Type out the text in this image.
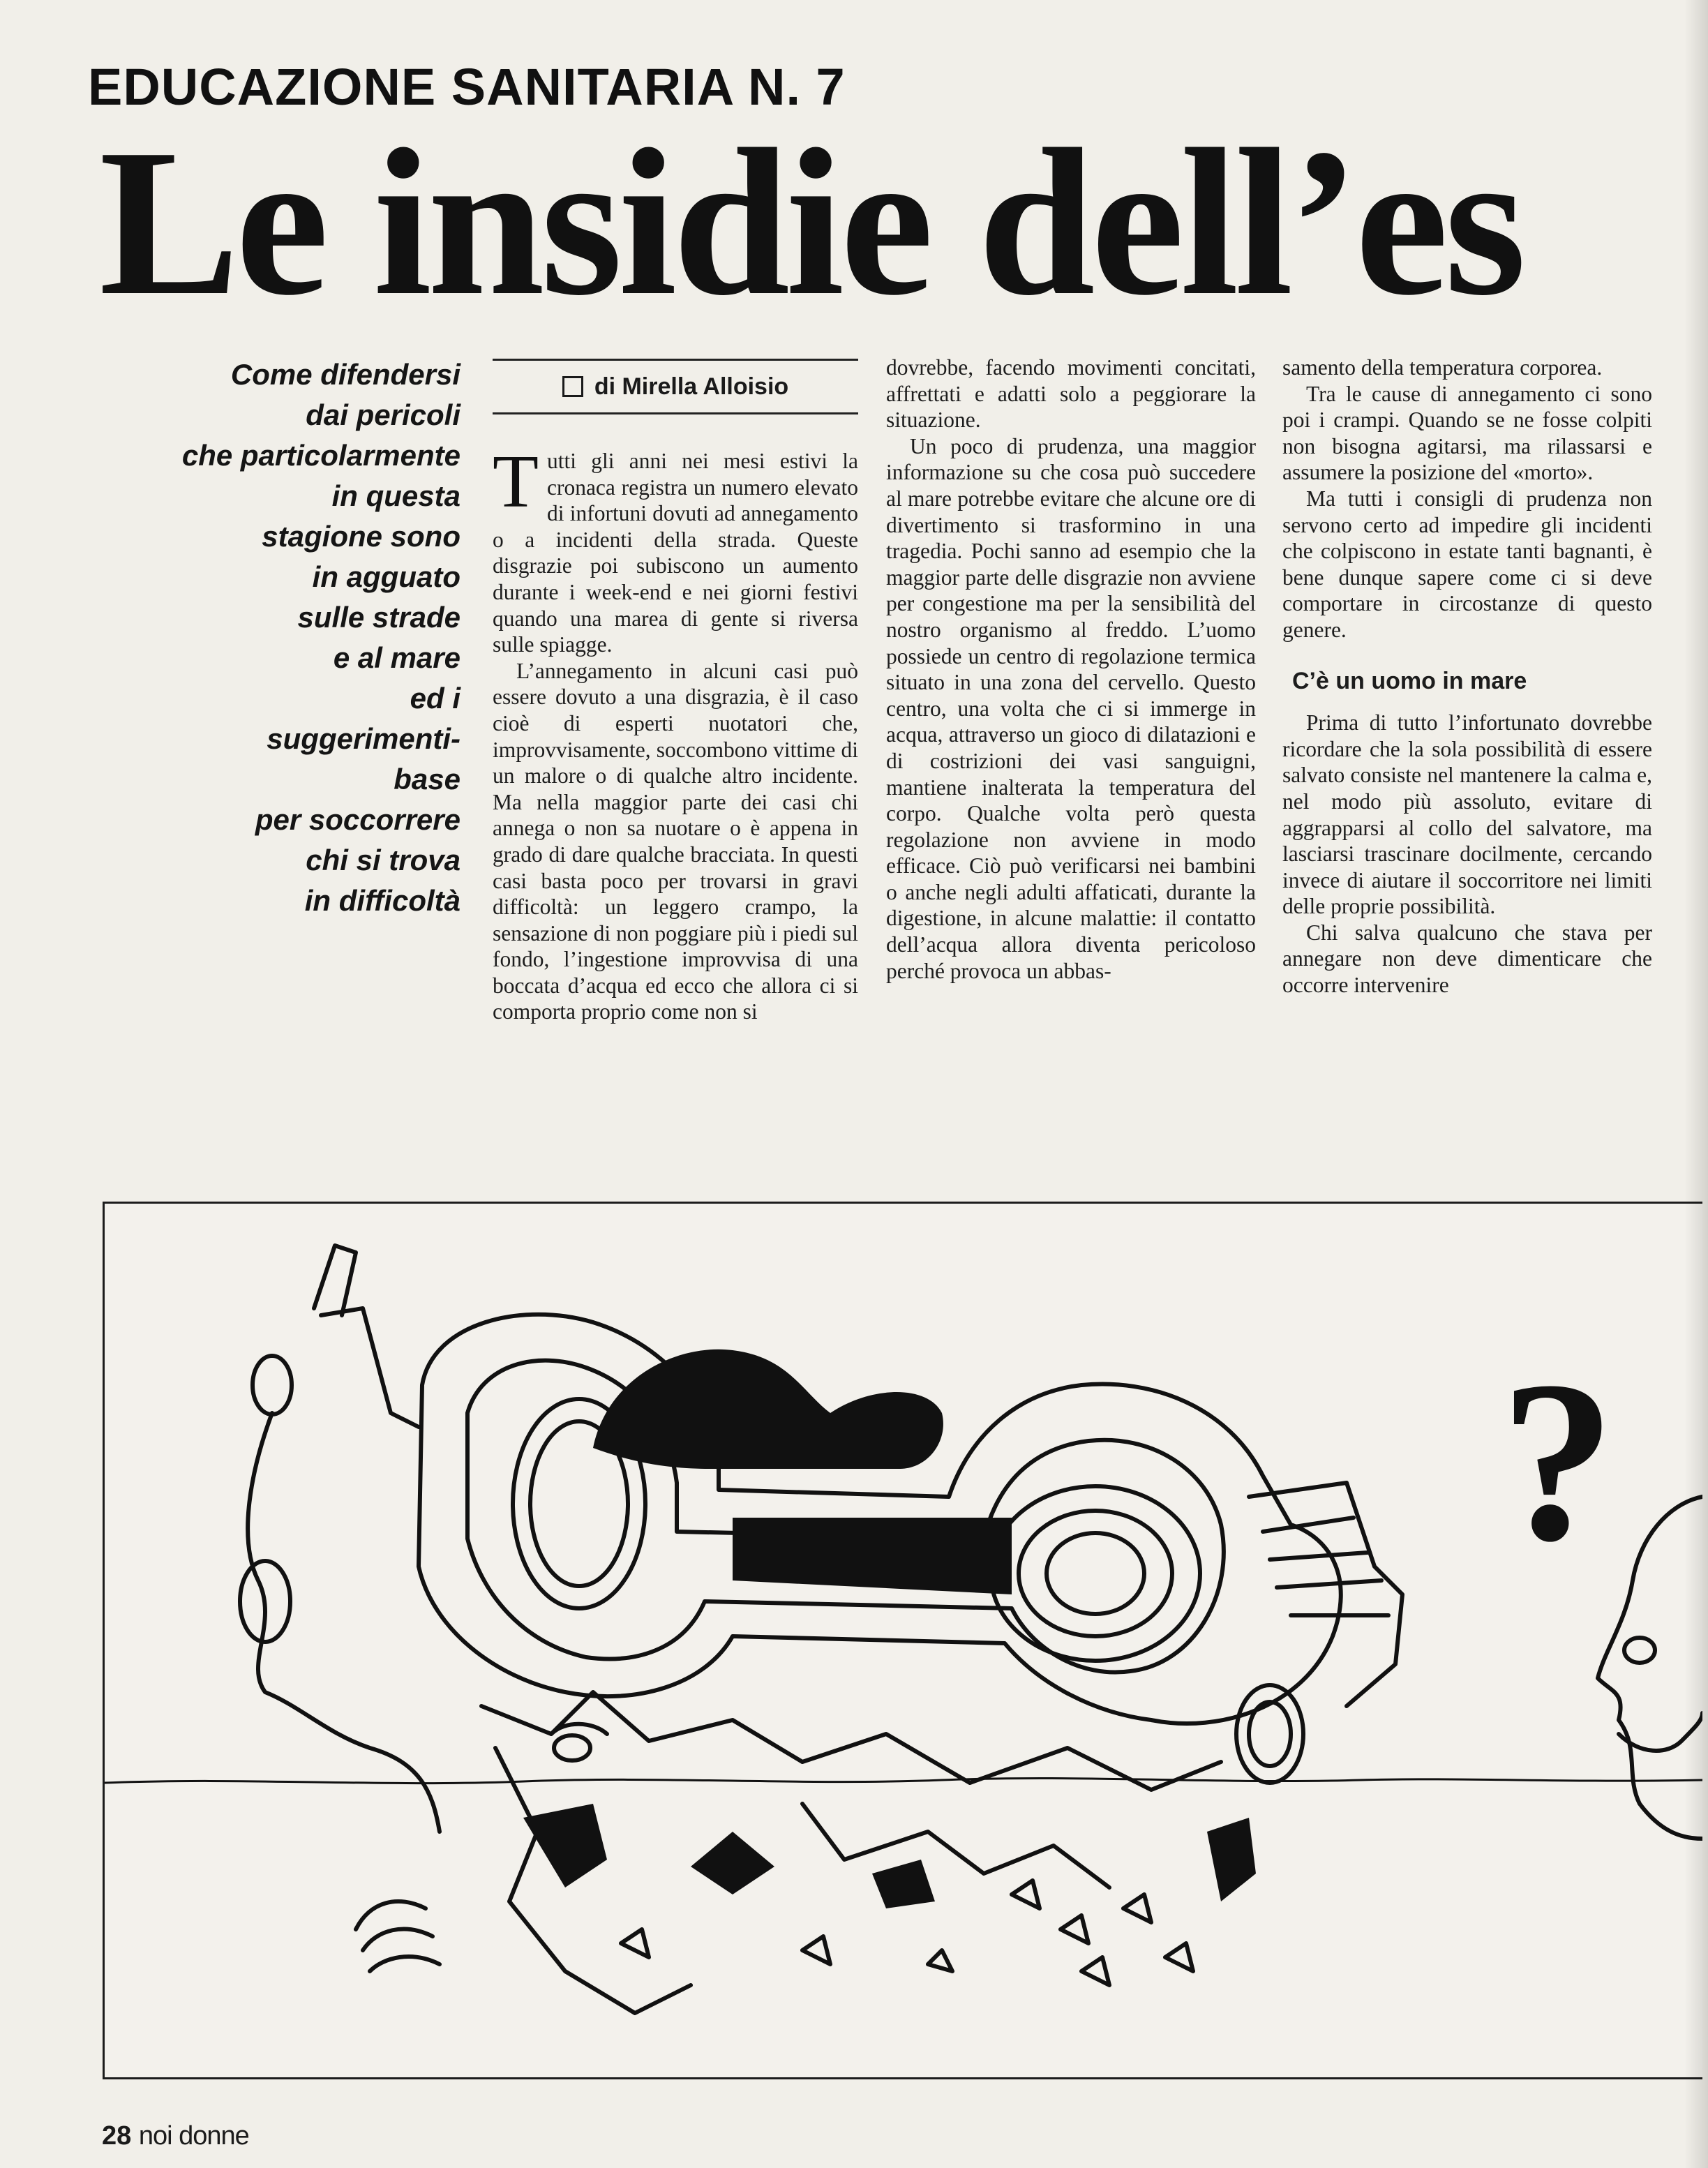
EDUCAZIONE SANITARIA N. 7
Le insidie dell’es
Come difendersi
dai pericoli
che particolarmente
in questa
stagione sono
in agguato
sulle strade
e al mare
ed i
suggerimenti-
base
per soccorrere
chi si trova
in difficoltà
di Mirella Alloisio

Tutti gli anni nei mesi estivi la cronaca registra un numero elevato di infortuni dovuti ad annegamento o a incidenti della strada. Queste disgrazie poi subiscono un aumento durante i week-end e nei giorni festivi quando una marea di gente si riversa sulle spiagge.

L’annegamento in alcuni casi può essere dovuto a una disgrazia, è il caso cioè di esperti nuotatori che, improvvisamente, soccombono vittime di un malore o di qualche altro incidente. Ma nella maggior parte dei casi chi annega o non sa nuotare o è appena in grado di dare qualche bracciata. In questi casi basta poco per trovarsi in gravi difficoltà: un leggero crampo, la sensazione di non poggiare più i piedi sul fondo, l’ingestione improvvisa di una boccata d’acqua ed ecco che allora ci si comporta proprio come non si

dovrebbe, facendo movimenti concitati, affrettati e adatti solo a peggiorare la situazione.

Un poco di prudenza, una maggior informazione su che cosa può succedere al mare potrebbe evitare che alcune ore di divertimento si trasformino in una tragedia. Pochi sanno ad esempio che la maggior parte delle disgrazie non avviene per congestione ma per la sensibilità del nostro organismo al freddo. L’uomo possiede un centro di regolazione termica situato in una zona del cervello. Questo centro, una volta che ci si immerge in acqua, attraverso un gioco di dilatazioni e di costrizioni dei vasi sanguigni, mantiene inalterata la temperatura del corpo. Qualche volta però questa regolazione non avviene in modo efficace. Ciò può verificarsi nei bambini o anche negli adulti affaticati, durante la digestione, in alcune malattie: il contatto dell’acqua allora diventa pericoloso perché provoca un abbas-

samento della temperatura corporea.

Tra le cause di annegamento ci sono poi i crampi. Quando se ne fosse colpiti non bisogna agitarsi, ma rilassarsi e assumere la posizione del «morto».

Ma tutti i consigli di prudenza non servono certo ad impedire gli incidenti che colpiscono in estate tanti bagnanti, è bene dunque sapere come ci si deve comportare in circostanze di questo genere.

C’è un uomo in mare

Prima di tutto l’infortunato dovrebbe ricordare che la sola possibilità di essere salvato consiste nel mantenere la calma e, nel modo più assoluto, evitare di aggrapparsi al collo del salvatore, ma lasciarsi trascinare docilmente, cercando invece di aiutare il soccorritore nei limiti delle proprie possibilità.

Chi salva qualcuno che stava per annegare non deve dimenticare che occorre intervenire

?
28 noi donne
